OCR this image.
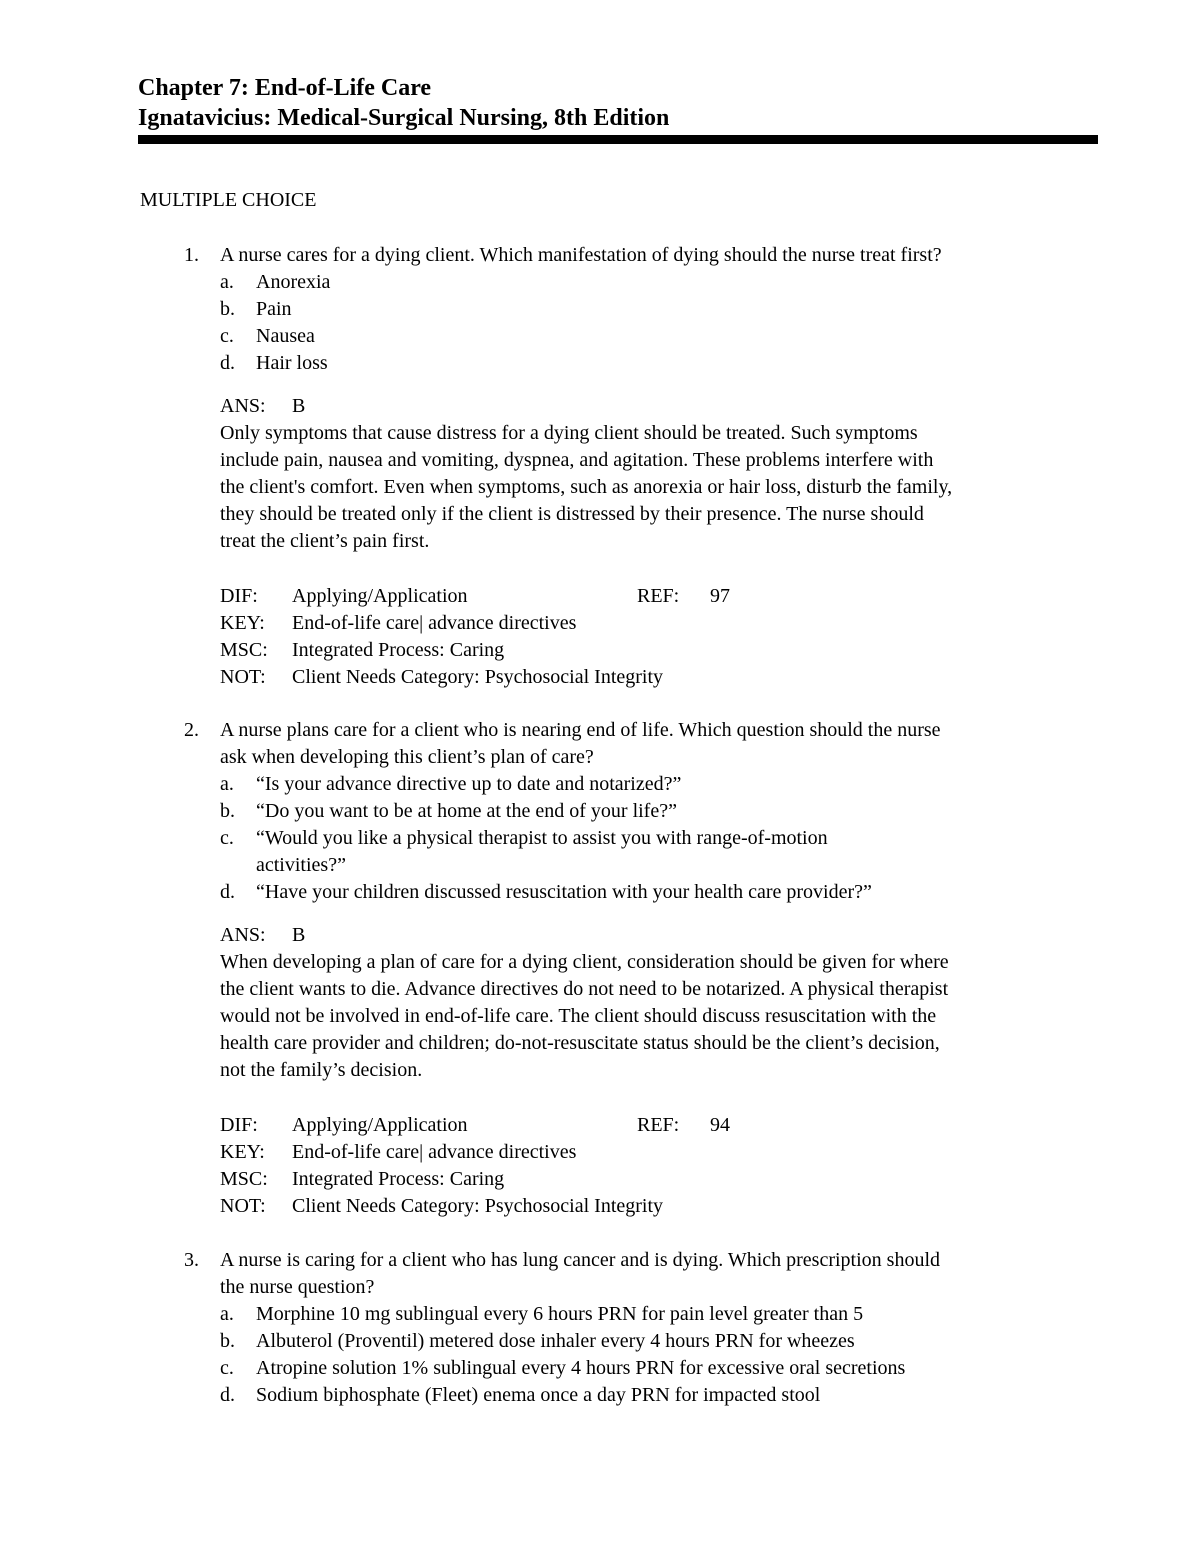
Chapter 7: End-of-Life Care
Ignatavicius: Medical-Surgical Nursing, 8th Edition
MULTIPLE CHOICE
1. A nurse cares for a dying client. Which manifestation of dying should the nurse treat first?
a. Anorexia
b. Pain
c. Nausea
d. Hair loss
ANS: B
Only symptoms that cause distress for a dying client should be treated. Such symptoms
include pain, nausea and vomiting, dyspnea, and agitation. These problems interfere with
the client's comfort. Even when symptoms, such as anorexia or hair loss, disturb the family,
they should be treated only if the client is distressed by their presence. The nurse should
treat the client’s pain first.
DIF: Applying/Application	REF: 97
KEY: End-of-life care| advance directives
MSC: Integrated Process: Caring
NOT: Client Needs Category: Psychosocial Integrity
2. A nurse plans care for a client who is nearing end of life. Which question should the nurse
ask when developing this client’s plan of care?
a. “Is your advance directive up to date and notarized?”
b. “Do you want to be at home at the end of your life?”
c. “Would you like a physical therapist to assist you with range-of-motion
activities?”
d. “Have your children discussed resuscitation with your health care provider?”
ANS: B
When developing a plan of care for a dying client, consideration should be given for where
the client wants to die. Advance directives do not need to be notarized. A physical therapist
would not be involved in end-of-life care. The client should discuss resuscitation with the
health care provider and children; do-not-resuscitate status should be the client’s decision,
not the family’s decision.
DIF: Applying/Application	REF: 94
KEY: End-of-life care| advance directives
MSC: Integrated Process: Caring
NOT: Client Needs Category: Psychosocial Integrity
3. A nurse is caring for a client who has lung cancer and is dying. Which prescription should
the nurse question?
a. Morphine 10 mg sublingual every 6 hours PRN for pain level greater than 5
b. Albuterol (Proventil) metered dose inhaler every 4 hours PRN for wheezes
c. Atropine solution 1% sublingual every 4 hours PRN for excessive oral secretions
d. Sodium biphosphate (Fleet) enema once a day PRN for impacted stool
